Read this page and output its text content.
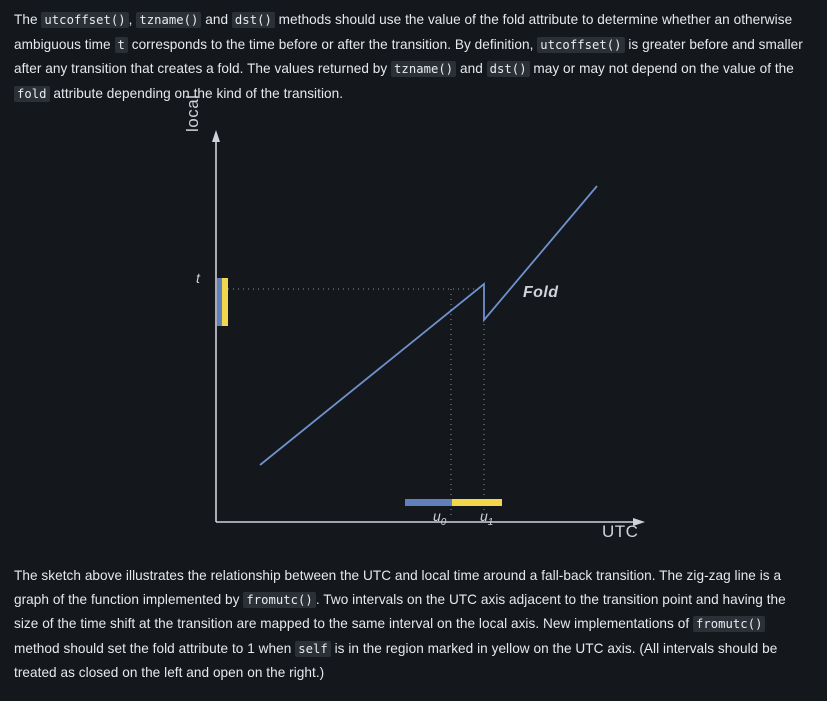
The utcoffset() , tzname() and dst() methods should use the value of the fold attribute to determine whether an otherwise ambiguous time t corresponds to the time before or after the transition. By definition, utcoffset() is greater before and smaller after any transition that creates a fold. The values returned by tzname() and dst() may or may not depend on the value of the fold attribute depending on the kind of the transition.

local
UTC
Fold
t
$u_0$ $u_1$

The sketch above illustrates the relationship between the UTC and local time around a fall-back transition. The zig-zag line is a graph of the function implemented by fromutc() . Two intervals on the UTC axis adjacent to the transition point and having the size of the time shift at the transition are mapped to the same interval on the local axis. New implementations of fromutc() method should set the fold attribute to 1 when self is in the region marked in yellow on the UTC axis. (All intervals should be treated as closed on the left and open on the right.)
